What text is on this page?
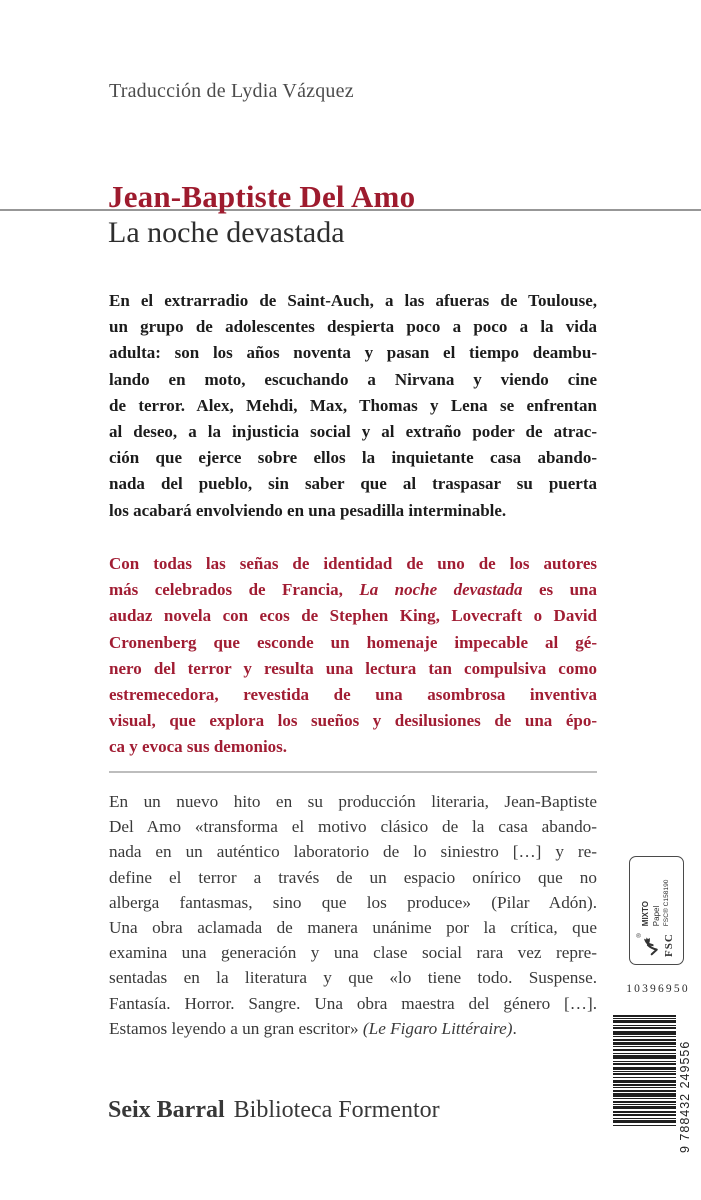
Traducción de Lydia Vázquez
Jean-Baptiste Del Amo
La noche devastada
En el extrarradio de Saint-Auch, a las afueras de Toulouse,
un grupo de adolescentes despierta poco a poco a la vida
adulta: son los años noventa y pasan el tiempo deambu-
lando en moto, escuchando a Nirvana y viendo cine
de terror. Alex, Mehdi, Max, Thomas y Lena se enfrentan
al deseo, a la injusticia social y al extraño poder de atrac-
ción que ejerce sobre ellos la inquietante casa abando-
nada del pueblo, sin saber que al traspasar su puerta
los acabará envolviendo en una pesadilla interminable.
Con todas las señas de identidad de uno de los autores
más celebrados de Francia, La noche devastada es una
audaz novela con ecos de Stephen King, Lovecraft o David
Cronenberg que esconde un homenaje impecable al gé-
nero del terror y resulta una lectura tan compulsiva como
estremecedora, revestida de una asombrosa inventiva
visual, que explora los sueños y desilusiones de una épo-
ca y evoca sus demonios.
En un nuevo hito en su producción literaria, Jean-Baptiste
Del Amo «transforma el motivo clásico de la casa abando-
nada en un auténtico laboratorio de lo siniestro […] y re-
define el terror a través de un espacio onírico que no
alberga fantasmas, sino que los produce» (Pilar Adón).
Una obra aclamada de manera unánime por la crítica, que
examina una generación y una clase social rara vez repre-
sentadas en la literatura y que «lo tiene todo. Suspense.
Fantasía. Horror. Sangre. Una obra maestra del género […].
Estamos leyendo a un gran escritor» (Le Figaro Littéraire).
Seix Barral Biblioteca Formentor
® FSC
MIXTO Papel FSC® C158190
10396950
9 788432 249556
